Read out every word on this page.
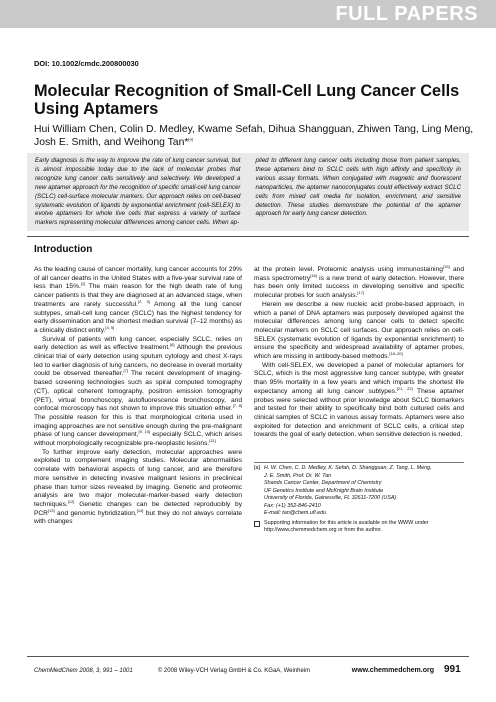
FULL PAPERS
DOI: 10.1002/cmdc.200800030
Molecular Recognition of Small-Cell Lung Cancer Cells Using Aptamers
Hui William Chen, Colin D. Medley, Kwame Sefah, Dihua Shangguan, Zhiwen Tang, Ling Meng, Josh E. Smith, and Weihong Tan*[a]

Early diagnosis is the way to improve the rate of lung cancer survival, but is almost impossible today due to the lack of molecular probes that recognize lung cancer cells sensitively and selectively. We developed a new aptamer approach for the recognition of specific small-cell lung cancer (SCLC) cell-surface molecular markers. Our approach relies on cell-based systematic evolution of ligands by exponential enrichment (cell-SELEX) to evolve aptamers for whole live cells that express a variety of surface markers representing molecular differences among cancer cells. When ap-

plied to different lung cancer cells including those from patient samples, these aptamers bind to SCLC cells with high affinity and specificity in various assay formats. When conjugated with magnetic and fluorescent nanoparticles, the aptamer nanoconjugates could effectively extract SCLC cells from mixed cell media for isolation, enrichment, and sensitive detection. These studies demonstrate the potential of the aptamer approach for early lung cancer detection.

Introduction

As the leading cause of cancer mortality, lung cancer accounts for 29% of all cancer deaths in the United States with a five-year survival rate of less than 15%.[1] The main reason for the high death rate of lung cancer patients is that they are diagnosed at an advanced stage, when treatments are rarely successful.[2, 3] Among all the lung cancer subtypes, small-cell lung cancer (SCLC) has the highest tendency for early dissemination and the shortest median survival (7–12 months) as a clinically distinct entity.[4, 5]

Survival of patients with lung cancer, especially SCLC, relies on early detection as well as effective treatment.[6] Although the previous clinical trial of early detection using sputum cytology and chest X-rays led to earlier diagnosis of lung cancers, no decrease in overall mortality could be observed thereafter.[7] The recent development of imaging-based screening technologies such as spiral computed tomography (CT), optical coherent tomography, positron emission tomography (PET), virtual bronchoscopy, autofluorescence bronchoscopy, and confocal microscopy has not shown to improve this situation either.[7, 8] The possible reason for this is that morphological criteria used in imaging approaches are not sensitive enough during the pre-malignant phase of lung cancer development,[9, 10] especially SCLC, which arises without morphologically recognizable pre-neoplastic lesions.[11]

To further improve early detection, molecular approaches were exploited to complement imaging studies. Molecular abnormalities correlate with behavioral aspects of lung cancer, and are therefore more sensitive in detecting invasive malignant lesions in preclinical phase than tumor sizes revealed by imaging. Genetic and proteomic analysis are two major molecular-marker-based early detection techniques.[12] Genetic changes can be detected reproducibly by PCR[13] and genomic hybridization,[14] but they do not always correlate with changes

at the protein level. Proteomic analysis using immunostaining[15] and mass spectrometry[16] is a new trend of early detection. However, there has been only limited success in developing sensitive and specific molecular probes for such analysis.[17]

Herein we describe a new nucleic acid probe-based approach, in which a panel of DNA aptamers was purposely developed against the molecular differences among lung cancer cells to detect specific molecular markers on SCLC cell surfaces. Our approach relies on cell-SELEX (systematic evolution of ligands by exponential enrichment) to ensure the specificity and widespread availability of aptamer probes, which are missing in antibody-based methods.[18–20]

With cell-SELEX, we developed a panel of molecular aptamers for SCLC, which is the most aggressive lung cancer subtype, with greater than 95% mortality in a few years and which imparts the shortest life expectancy among all lung cancer subtypes.[21, 22] These aptamer probes were selected without prior knowledge about SCLC biomarkers and tested for their ability to specifically bind both cultured cells and clinical samples of SCLC in various assay formats. Aptamers were also exploited for detection and enrichment of SCLC cells, a critical step towards the goal of early detection, when sensitive detection is needed.

[a] H. W. Chen, C. D. Medley, K. Sefah, D. Shangguan, Z. Tang, L. Meng,
J. E. Smith, Prof. Dr. W. Tan
Shands Cancer Center, Department of Chemistry
UF Genetics Institute and McKnight Brain Institute
University of Florida, Gainesville, FL 32611-7200 (USA)
Fax: (+1) 352-846-2410
E-mail: tan@chem.ufl.edu
Supporting information for this article is available on the WWW under http://www.chemmedchem.org or from the author.
ChemMedChem 2008, 3, 991 – 1001	© 2008 Wiley-VCH Verlag GmbH & Co. KGaA, Weinheim	www.chemmedchem.org 991
